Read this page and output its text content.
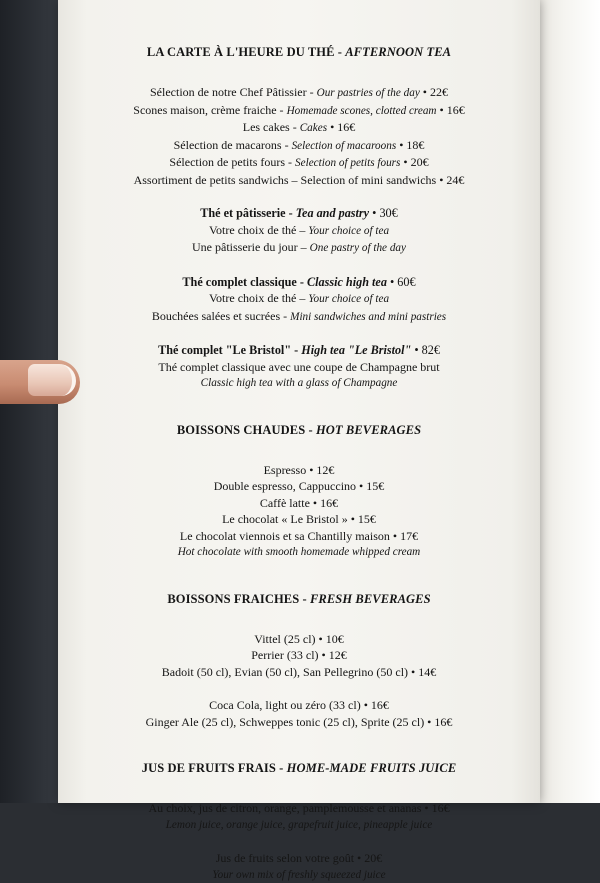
LA CARTE À L'HEURE DU THÉ - AFTERNOON TEA

Sélection de notre Chef Pâtissier - Our pastries of the day • 22€

Scones maison, crème fraiche - Homemade scones, clotted cream • 16€

Les cakes - Cakes • 16€

Sélection de macarons - Selection of macaroons • 18€

Sélection de petits fours - Selection of petits fours • 20€

Assortiment de petits sandwichs – Selection of mini sandwichs • 24€

Thé et pâtisserie - Tea and pastry • 30€

Votre choix de thé – Your choice of tea

Une pâtisserie du jour – One pastry of the day

Thé complet classique - Classic high tea • 60€

Votre choix de thé – Your choice of tea

Bouchées salées et sucrées - Mini sandwiches and mini pastries

Thé complet "Le Bristol" - High tea "Le Bristol" • 82€

Thé complet classique avec une coupe de Champagne brut

Classic high tea with a glass of Champagne

BOISSONS CHAUDES - HOT BEVERAGES

Espresso • 12€

Double espresso, Cappuccino • 15€

Caffè latte • 16€

Le chocolat « Le Bristol » • 15€

Le chocolat viennois et sa Chantilly maison • 17€

Hot chocolate with smooth homemade whipped cream

BOISSONS FRAICHES - FRESH BEVERAGES

Vittel (25 cl) • 10€

Perrier (33 cl) • 12€

Badoit (50 cl), Evian (50 cl), San Pellegrino (50 cl) • 14€

Coca Cola, light ou zéro (33 cl) • 16€

Ginger Ale (25 cl), Schweppes tonic (25 cl), Sprite (25 cl) • 16€

JUS DE FRUITS FRAIS - HOME-MADE FRUITS JUICE

Au choix, jus de citron, orange, pamplemousse et ananas • 16€

Lemon juice, orange juice, grapefruit juice, pineapple juice

Jus de fruits selon votre goût • 20€

Your own mix of freshly squeezed juice
